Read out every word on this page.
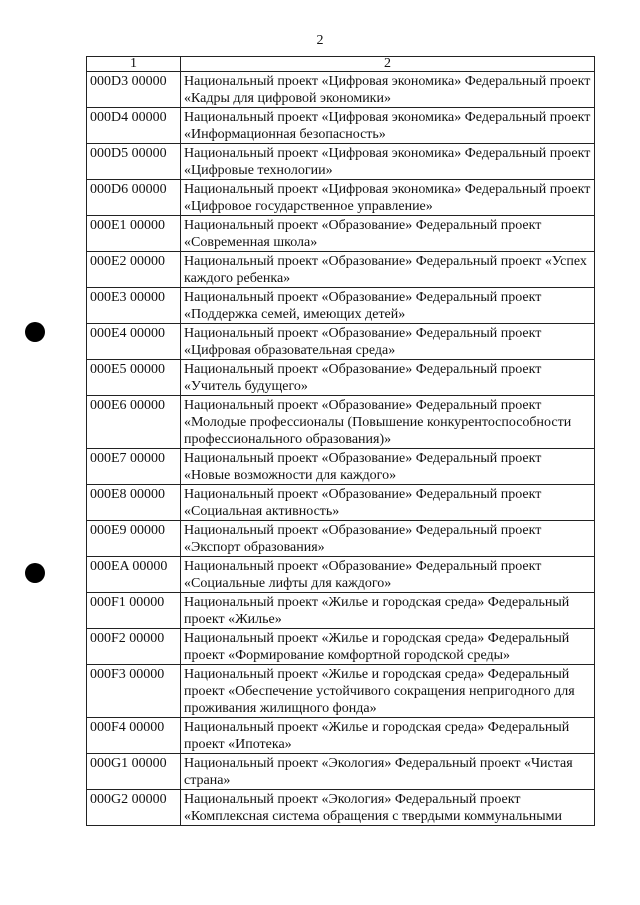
2
1	2
000D3 00000	Национальный проект «Цифровая экономика» Федеральный проект «Кадры для цифровой экономики»
000D4 00000	Национальный проект «Цифровая экономика» Федеральный проект «Информационная безопасность»
000D5 00000	Национальный проект «Цифровая экономика» Федеральный проект «Цифровые технологии»
000D6 00000	Национальный проект «Цифровая экономика» Федеральный проект «Цифровое государственное управление»
000E1 00000	Национальный проект «Образование» Федеральный проект «Современная школа»
000E2 00000	Национальный проект «Образование» Федеральный проект «Успех каждого ребенка»
000E3 00000	Национальный проект «Образование» Федеральный проект «Поддержка семей, имеющих детей»
000E4 00000	Национальный проект «Образование» Федеральный проект «Цифровая образовательная среда»
000E5 00000	Национальный проект «Образование» Федеральный проект «Учитель будущего»
000E6 00000	Национальный проект «Образование» Федеральный проект «Молодые профессионалы (Повышение конкурентоспособности профессионального образования)»
000E7 00000	Национальный проект «Образование» Федеральный проект «Новые возможности для каждого»
000E8 00000	Национальный проект «Образование» Федеральный проект «Социальная активность»
000E9 00000	Национальный проект «Образование» Федеральный проект «Экспорт образования»
000EA 00000	Национальный проект «Образование» Федеральный проект «Социальные лифты для каждого»
000F1 00000	Национальный проект «Жилье и городская среда» Федеральный проект «Жилье»
000F2 00000	Национальный проект «Жилье и городская среда» Федеральный проект «Формирование комфортной городской среды»
000F3 00000	Национальный проект «Жилье и городская среда» Федеральный проект «Обеспечение устойчивого сокращения непригодного для проживания жилищного фонда»
000F4 00000	Национальный проект «Жилье и городская среда» Федеральный проект «Ипотека»
000G1 00000	Национальный проект «Экология» Федеральный проект «Чистая страна»
000G2 00000	Национальный проект «Экология» Федеральный проект «Комплексная система обращения с твердыми коммунальными
